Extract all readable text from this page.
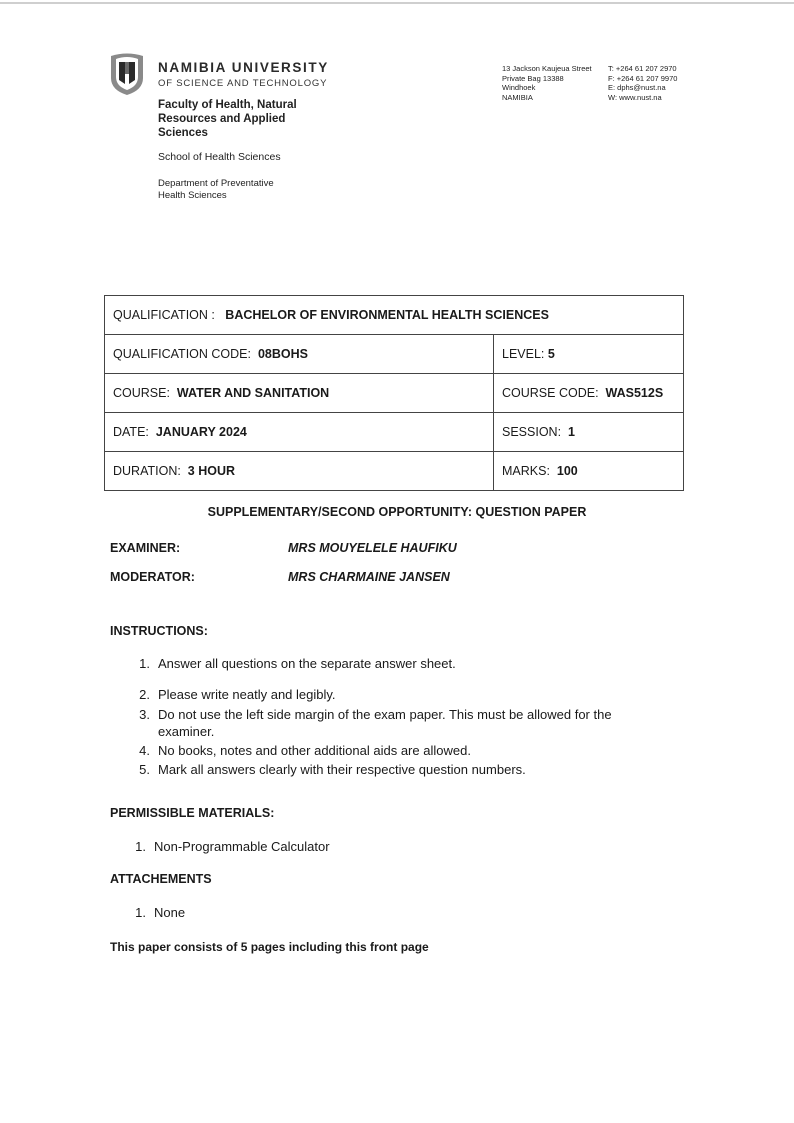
NAMIBIA UNIVERSITY
OF SCIENCE AND TECHNOLOGY
Faculty of Health, Natural
Resources and Applied
Sciences
School of Health Sciences
Department of Preventative
Health Sciences
13 Jackson Kaujeua Street
Private Bag 13388
Windhoek
NAMIBIA
T: +264 61 207 2970
F: +264 61 207 9970
E: dphs@nust.na
W: www.nust.na
QUALIFICATION : BACHELOR OF ENVIRONMENTAL HEALTH SCIENCES	
QUALIFICATION CODE: 08BOHS	LEVEL: 5
COURSE: WATER AND SANITATION	COURSE CODE: WAS512S
DATE: JANUARY 2024	SESSION: 1
DURATION: 3 HOUR	MARKS: 100
SUPPLEMENTARY/SECOND OPPORTUNITY: QUESTION PAPER
EXAMINER:	MRS MOUYELELE HAUFIKU
MODERATOR:	MRS CHARMAINE JANSEN
INSTRUCTIONS:
1. Answer all questions on the separate answer sheet.
2. Please write neatly and legibly.
3. Do not use the left side margin of the exam paper. This must be allowed for the
examiner.
4. No books, notes and other additional aids are allowed.
5. Mark all answers clearly with their respective question numbers.
PERMISSIBLE MATERIALS:
1. Non-Programmable Calculator
ATTACHEMENTS
1. None
This paper consists of 5 pages including this front page
